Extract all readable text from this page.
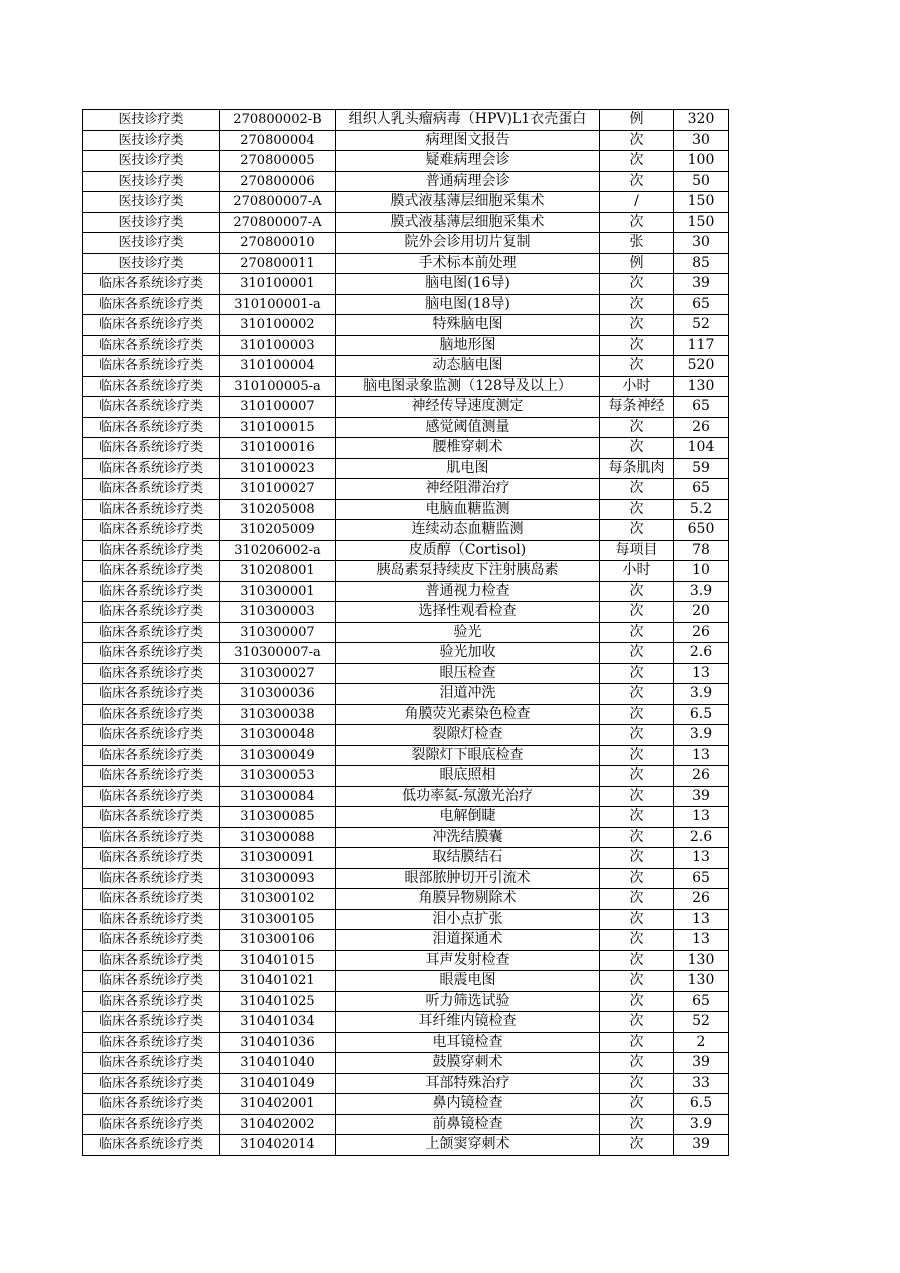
医技诊疗类	270800002-B	组织人乳头瘤病毒（HPV)L1衣壳蛋白	例	320
医技诊疗类	270800004	病理图文报告	次	30
医技诊疗类	270800005	疑难病理会诊	次	100
医技诊疗类	270800006	普通病理会诊	次	50
医技诊疗类	270800007-A	膜式液基薄层细胞采集术	/	150
医技诊疗类	270800007-A	膜式液基薄层细胞采集术	次	150
医技诊疗类	270800010	院外会诊用切片复制	张	30
医技诊疗类	270800011	手术标本前处理	例	85
临床各系统诊疗类	310100001	脑电图(16导)	次	39
临床各系统诊疗类	310100001-a	脑电图(18导)	次	65
临床各系统诊疗类	310100002	特殊脑电图	次	52
临床各系统诊疗类	310100003	脑地形图	次	117
临床各系统诊疗类	310100004	动态脑电图	次	520
临床各系统诊疗类	310100005-a	脑电图录象监测（128导及以上）	小时	130
临床各系统诊疗类	310100007	神经传导速度测定	每条神经	65
临床各系统诊疗类	310100015	感觉阈值测量	次	26
临床各系统诊疗类	310100016	腰椎穿刺术	次	104
临床各系统诊疗类	310100023	肌电图	每条肌肉	59
临床各系统诊疗类	310100027	神经阻滞治疗	次	65
临床各系统诊疗类	310205008	电脑血糖监测	次	5.2
临床各系统诊疗类	310205009	连续动态血糖监测	次	650
临床各系统诊疗类	310206002-a	皮质醇（Cortisol)	每项目	78
临床各系统诊疗类	310208001	胰岛素泵持续皮下注射胰岛素	小时	10
临床各系统诊疗类	310300001	普通视力检查	次	3.9
临床各系统诊疗类	310300003	选择性观看检查	次	20
临床各系统诊疗类	310300007	验光	次	26
临床各系统诊疗类	310300007-a	验光加收	次	2.6
临床各系统诊疗类	310300027	眼压检查	次	13
临床各系统诊疗类	310300036	泪道冲洗	次	3.9
临床各系统诊疗类	310300038	角膜荧光素染色检查	次	6.5
临床各系统诊疗类	310300048	裂隙灯检查	次	3.9
临床各系统诊疗类	310300049	裂隙灯下眼底检查	次	13
临床各系统诊疗类	310300053	眼底照相	次	26
临床各系统诊疗类	310300084	低功率氦-氖激光治疗	次	39
临床各系统诊疗类	310300085	电解倒睫	次	13
临床各系统诊疗类	310300088	冲洗结膜囊	次	2.6
临床各系统诊疗类	310300091	取结膜结石	次	13
临床各系统诊疗类	310300093	眼部脓肿切开引流术	次	65
临床各系统诊疗类	310300102	角膜异物剔除术	次	26
临床各系统诊疗类	310300105	泪小点扩张	次	13
临床各系统诊疗类	310300106	泪道探通术	次	13
临床各系统诊疗类	310401015	耳声发射检查	次	130
临床各系统诊疗类	310401021	眼震电图	次	130
临床各系统诊疗类	310401025	听力筛选试验	次	65
临床各系统诊疗类	310401034	耳纤维内镜检查	次	52
临床各系统诊疗类	310401036	电耳镜检查	次	2
临床各系统诊疗类	310401040	鼓膜穿刺术	次	39
临床各系统诊疗类	310401049	耳部特殊治疗	次	33
临床各系统诊疗类	310402001	鼻内镜检查	次	6.5
临床各系统诊疗类	310402002	前鼻镜检查	次	3.9
临床各系统诊疗类	310402014	上颌窦穿刺术	次	39
